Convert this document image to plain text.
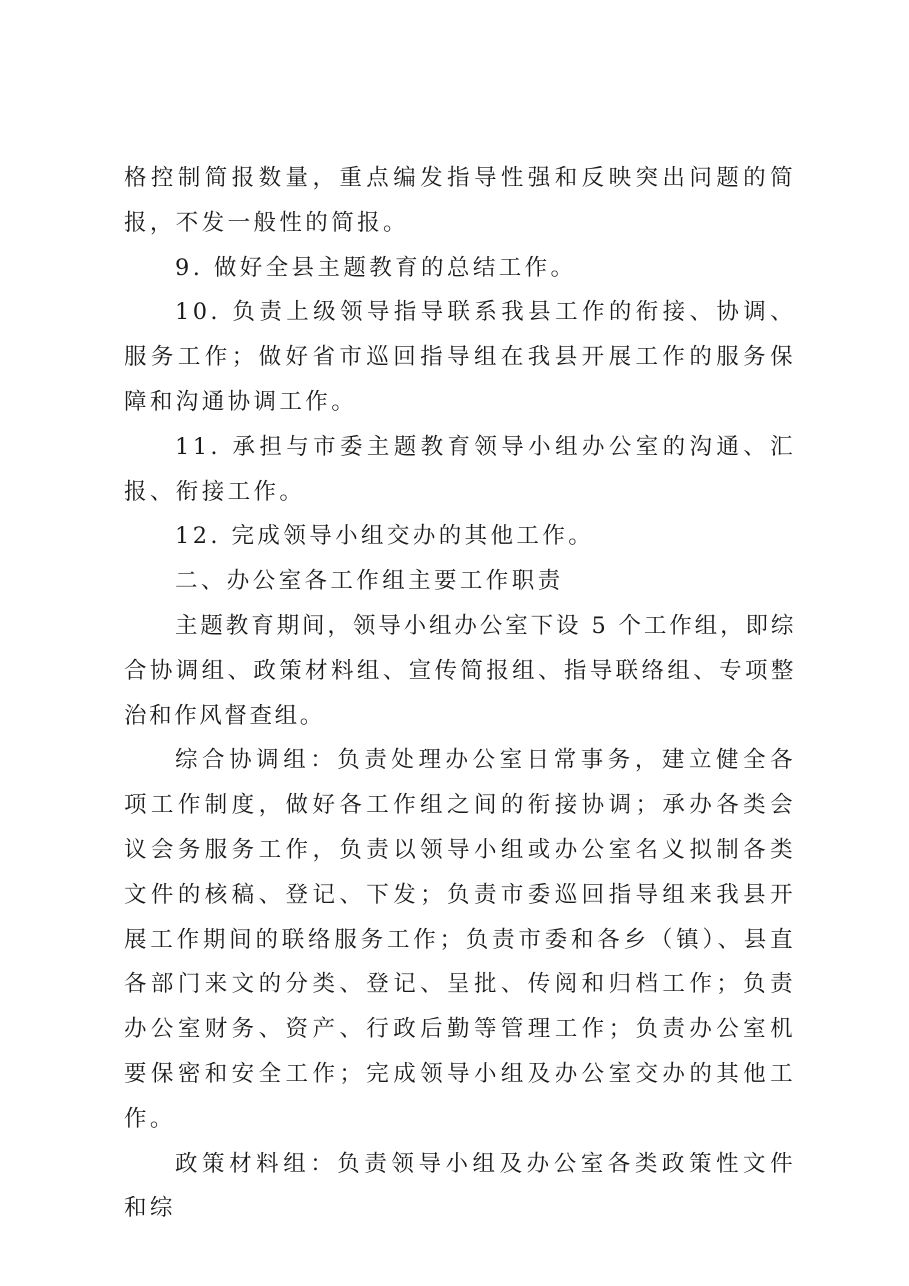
格控制简报数量，重点编发指导性强和反映突出问题的简报，不发一般性的简报。

9. 做好全县主题教育的总结工作。

10. 负责上级领导指导联系我县工作的衔接、协调、服务工作；做好省市巡回指导组在我县开展工作的服务保障和沟通协调工作。

11. 承担与市委主题教育领导小组办公室的沟通、汇报、衔接工作。

12. 完成领导小组交办的其他工作。

二、办公室各工作组主要工作职责

主题教育期间，领导小组办公室下设 5 个工作组，即综合协调组、政策材料组、宣传简报组、指导联络组、专项整治和作风督查组。

综合协调组：负责处理办公室日常事务，建立健全各项工作制度，做好各工作组之间的衔接协调；承办各类会议会务服务工作，负责以领导小组或办公室名义拟制各类文件的核稿、登记、下发；负责市委巡回指导组来我县开展工作期间的联络服务工作；负责市委和各乡（镇）、县直各部门来文的分类、登记、呈批、传阅和归档工作；负责办公室财务、资产、行政后勤等管理工作；负责办公室机要保密和安全工作；完成领导小组及办公室交办的其他工作。

政策材料组：负责领导小组及办公室各类政策性文件和综
